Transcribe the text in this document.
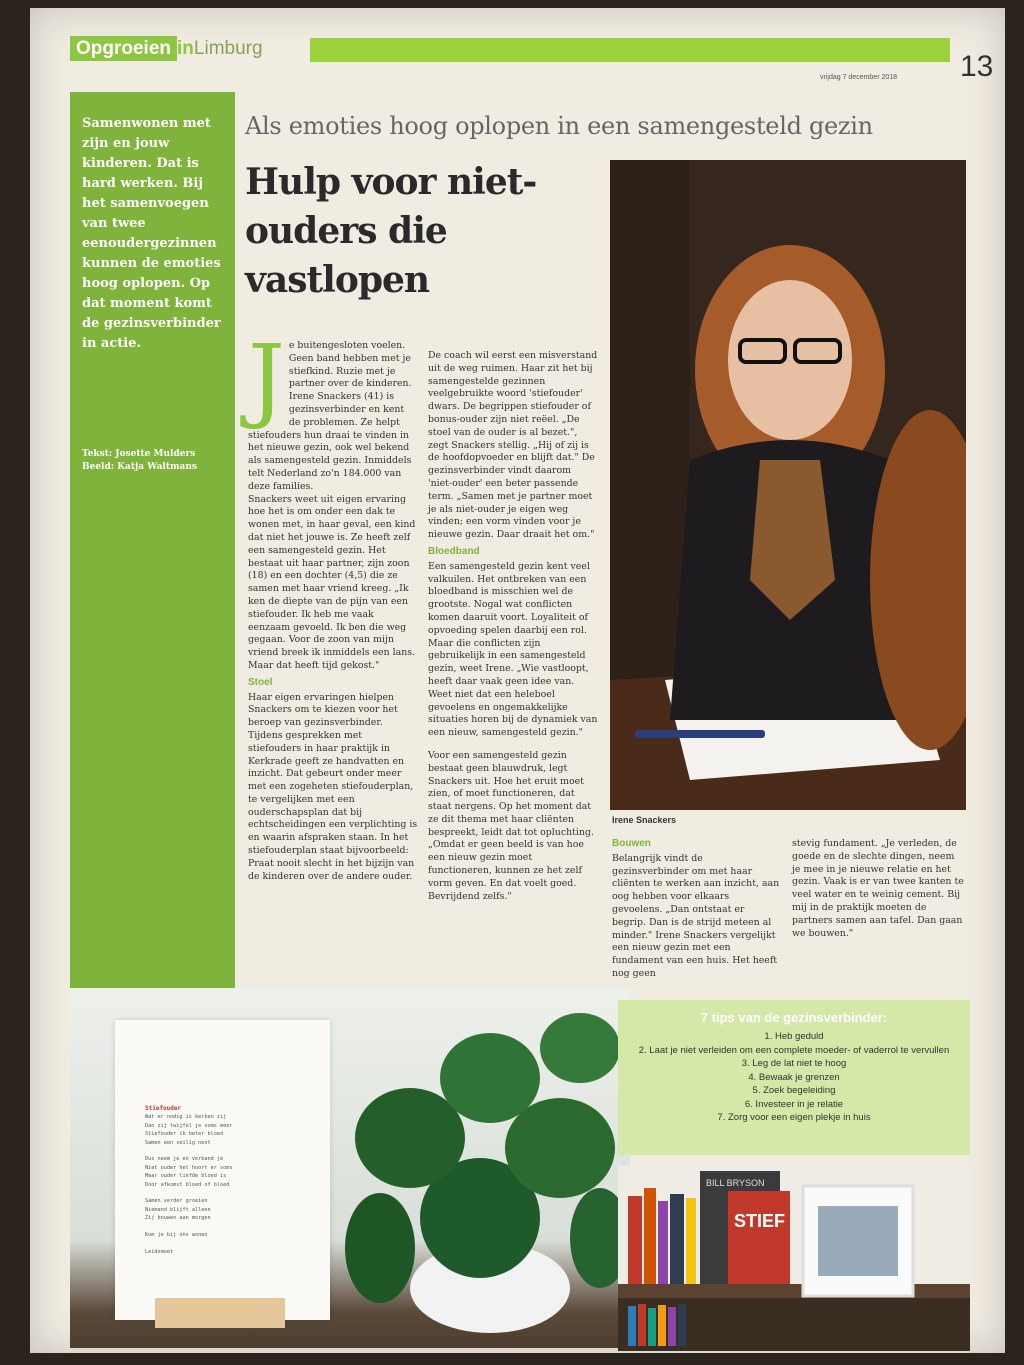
Opgroeien inLimburg
13
vrijdag 7 december 2018
Samenwonen met zijn en jouw kinderen. Dat is hard werken. Bij het samenvoegen van twee eenoudergezinnen kunnen de emoties hoog oplopen. Op dat moment komt de gezinsverbinder in actie.
Tekst: Josette Mulders
Beeld: Katja Waltmans
Als emoties hoog oplopen in een samengesteld gezin
Hulp voor niet-ouders die vastlopen
J e buitengesloten voelen. Geen band hebben met je stiefkind. Ruzie met je partner over de kinderen. Irene Snackers (41) is gezinsverbinder en kent de problemen. Ze helpt stiefouders hun draai te vinden in het nieuwe gezin, ook wel bekend als samengesteld gezin. Inmiddels telt Nederland zo'n 184.000 van deze families.

Snackers weet uit eigen ervaring hoe het is om onder een dak te wonen met, in haar geval, een kind dat niet het jouwe is. Ze heeft zelf een samengesteld gezin. Het bestaat uit haar partner, zijn zoon (18) en een dochter (4,5) die ze samen met haar vriend kreeg. „Ik ken de diepte van de pijn van een stiefouder. Ik heb me vaak eenzaam gevoeld. Ik ben die weg gegaan. Voor de zoon van mijn vriend breek ik inmiddels een lans. Maar dat heeft tijd gekost."

Stoel

Haar eigen ervaringen hielpen Snackers om te kiezen voor het beroep van gezinsverbinder. Tijdens gesprekken met stiefouders in haar praktijk in Kerkrade geeft ze handvatten en inzicht. Dat gebeurt onder meer met een zogeheten stiefouderplan, te vergelijken met een ouderschapsplan dat bij echtscheidingen een verplichting is en waarin afspraken staan. In het stiefouderplan staat bijvoorbeeld: Praat nooit slecht in het bijzijn van de kinderen over de andere ouder.

De coach wil eerst een misverstand uit de weg ruimen. Haar zit het bij samengestelde gezinnen veelgebruikte woord 'stiefouder' dwars. De begrippen stiefouder of bonus-ouder zijn niet reëel. „De stoel van de ouder is al bezet.", zegt Snackers stellig. „Hij of zij is de hoofdopvoeder en blijft dat." De gezinsverbinder vindt daarom 'niet-ouder' een beter passende term. „Samen met je partner moet je als niet-ouder je eigen weg vinden; een vorm vinden voor je nieuwe gezin. Daar draait het om."

Bloedband

Een samengesteld gezin kent veel valkuilen. Het ontbreken van een bloedband is misschien wel de grootste. Nogal wat conflicten komen daaruit voort. Loyaliteit of opvoeding spelen daarbij een rol. Maar die conflicten zijn gebruikelijk in een samengesteld gezin, weet Irene. „Wie vastloopt, heeft daar vaak geen idee van. Weet niet dat een heleboel gevoelens en ongemakkelijke situaties horen bij de dynamiek van een nieuw, samengesteld gezin."

Voor een samengesteld gezin bestaat geen blauwdruk, legt Snackers uit. Hoe het eruit moet zien, of moet functioneren, dat staat nergens. Op het moment dat ze dit thema met haar cliënten bespreekt, leidt dat tot opluchting. „Omdat er geen beeld is van hoe een nieuw gezin moet functioneren, kunnen ze het zelf vorm geven. En dat voelt goed. Bevrijdend zelfs."

Irene Snackers
Bouwen

Belangrijk vindt de gezinsverbinder om met haar cliënten te werken aan inzicht, aan oog hebben voor elkaars gevoelens. „Dan ontstaat er begrip. Dan is de strijd meteen al minder." Irene Snackers vergelijkt een nieuw gezin met een fundament van een huis. Het heeft nog geen

stevig fundament. „Je verleden, de goede en de slechte dingen, neem je mee in je nieuwe relatie en het gezin. Vaak is er van twee kanten te veel water en te weinig cement. Bij mij in de praktijk moeten de partners samen aan tafel. Dan gaan we bouwen."

Stiefouder
Wat er nodig is kerken zij
Dan zij twijfel je soms meer
Stiefouder ik beter bloed
Samen een veilig nest

Dus neem je en verband je
Niet ouder het hoort er soms
Maar ouder liefde bloed is
Door afkomst bloed of bloed

Samen verder groeien
Niemand blijft alleen
Zij bouwen aan morgen

Kom je bij ons wonen

Leidsmoet
7 tips van de gezinsverbinder:
1. Heb geduld
2. Laat je niet verleiden om een complete moeder- of vaderrol te vervullen
3. Leg de lat niet te hoog
4. Bewaak je grenzen
5. Zoek begeleiding
6. Investeer in je relatie
7. Zorg voor een eigen plekje in huis
BILL BRYSON
STIEF
